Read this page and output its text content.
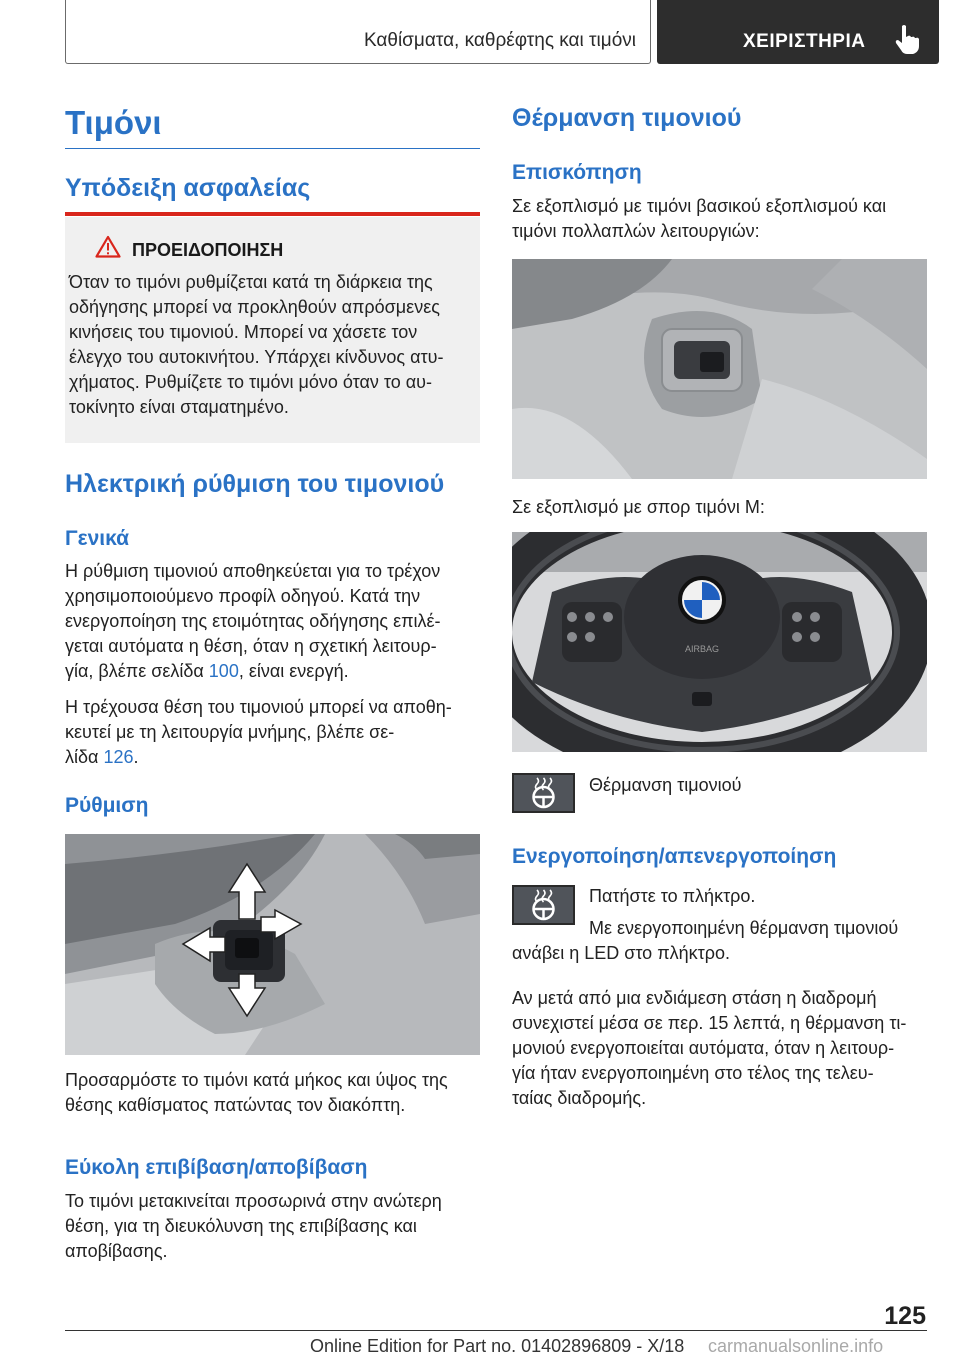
Καθίσματα, καθρέφτης και τιμόνι	ΧΕΙΡΙΣΤΗΡΙΑ
Τιμόνι
Υπόδειξη ασφαλείας
ΠΡΟΕΙΔΟΠΟΙΗΣΗ
Όταν το τιμόνι ρυθμίζεται κατά τη διάρκεια της
οδήγησης μπορεί να προκληθούν απρόσμενες
κινήσεις του τιμονιού. Μπορεί να χάσετε τον
έλεγχο του αυτοκινήτου. Υπάρχει κίνδυνος ατυ-
χήματος. Ρυθμίζετε το τιμόνι μόνο όταν το αυ-
τοκίνητο είναι σταματημένο.
Ηλεκτρική ρύθμιση του τιμονιού
Γενικά
Η ρύθμιση τιμονιού αποθηκεύεται για το τρέχον
χρησιμοποιούμενο προφίλ οδηγού. Κατά την
ενεργοποίηση της ετοιμότητας οδήγησης επιλέ-
γεται αυτόματα η θέση, όταν η σχετική λειτουρ-
γία, βλέπε σελίδα 100, είναι ενεργή.
Η τρέχουσα θέση του τιμονιού μπορεί να αποθη-
κευτεί με τη λειτουργία μνήμης, βλέπε σε-
λίδα 126.
Ρύθμιση
Προσαρμόστε το τιμόνι κατά μήκος και ύψος της
θέσης καθίσματος πατώντας τον διακόπτη.
Εύκολη επιβίβαση/αποβίβαση
Το τιμόνι μετακινείται προσωρινά στην ανώτερη
θέση, για τη διευκόλυνση της επιβίβασης και
αποβίβασης.
Θέρμανση τιμονιού
Επισκόπηση
Σε εξοπλισμό με τιμόνι βασικού εξοπλισμού και
τιμόνι πολλαπλών λειτουργιών:
Σε εξοπλισμό με σπορ τιμόνι M:
AIRBAG
Θέρμανση τιμονιού
Ενεργοποίηση/απενεργοποίηση
Πατήστε το πλήκτρο.
Με ενεργοποιημένη θέρμανση τιμονιού
ανάβει η LED στο πλήκτρο.
Αν μετά από μια ενδιάμεση στάση η διαδρομή
συνεχιστεί μέσα σε περ. 15 λεπτά, η θέρμανση τι-
μονιού ενεργοποιείται αυτόματα, όταν η λειτουρ-
γία ήταν ενεργοποιημένη στο τέλος της τελευ-
ταίας διαδρομής.
125
Online Edition for Part no. 01402896809 - X/18 carmanualsonline.info
